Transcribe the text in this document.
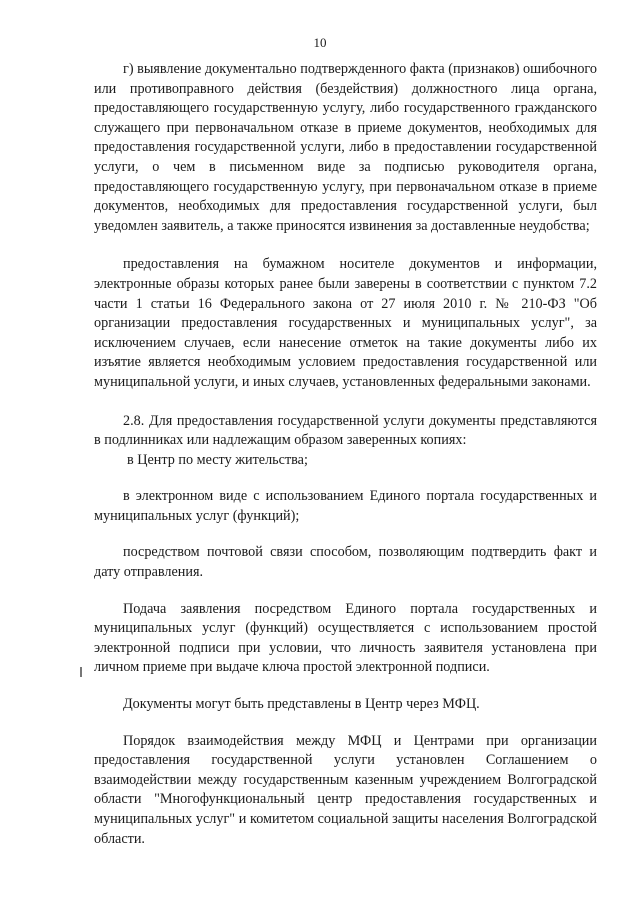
10

г) выявление документально подтвержденного факта (признаков) ошибочного или противоправного действия (бездействия) должностного лица органа, предоставляющего государственную услугу, либо государственного гражданского служащего при первоначальном отказе в приеме документов, необходимых для предоставления государственной услуги, либо в предоставлении государственной услуги, о чем в письменном виде за подписью руководителя органа, предоставляющего государственную услугу, при первоначальном отказе в приеме документов, необходимых для предоставления государственной услуги, был уведомлен заявитель, а также приносятся извинения за доставленные неудобства;

предоставления на бумажном носителе документов и информации, электронные образы которых ранее были заверены в соответствии с пунктом 7.2 части 1 статьи 16 Федерального закона от 27 июля 2010 г. № 210-ФЗ "Об организации предоставления государственных и муниципальных услуг", за исключением случаев, если нанесение отметок на такие документы либо их изъятие является необходимым условием предоставления государственной или муниципальной услуги, и иных случаев, установленных федеральными законами.

2.8. Для предоставления государственной услуги документы представляются в подлинниках или надлежащим образом заверенных копиях:

в Центр по месту жительства;

в электронном виде с использованием Единого портала государственных и муниципальных услуг (функций);

посредством почтовой связи способом, позволяющим подтвердить факт и дату отправления.

Подача заявления посредством Единого портала государственных и муниципальных услуг (функций) осуществляется с использованием простой электронной подписи при условии, что личность заявителя установлена при личном приеме при выдаче ключа простой электронной подписи.

Документы могут быть представлены в Центр через МФЦ.

Порядок взаимодействия между МФЦ и Центрами при организации предоставления государственной услуги установлен Соглашением о взаимодействии между государственным казенным учреждением Волгоградской области "Многофункциональный центр предоставления государственных и муниципальных услуг" и комитетом социальной защиты населения Волгоградской области.
